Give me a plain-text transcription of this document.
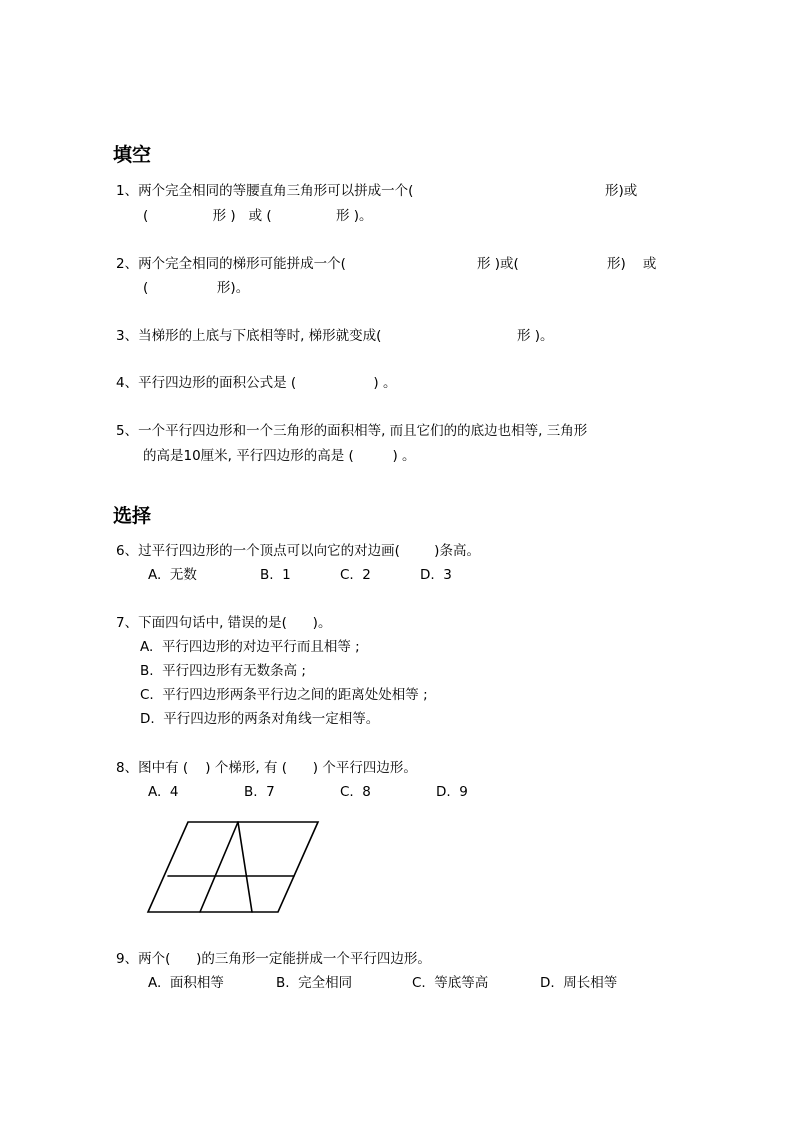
填空
1、两个完全相同的等腰直角三角形可以拼成一个(	形)或
(               形 )   或 (               形 )。
2、两个完全相同的梯形可能拼成一个(	形 )或(	形)    或
(                形)。
3、当梯形的上底与下底相等时, 梯形就变成(	形 )。
4、平行四边形的面积公式是 (                  ) 。
5、一个平行四边形和一个三角形的面积相等, 而且它们的的底边也相等, 三角形
的高是10厘米, 平行四边形的高是 (         ) 。
选择
6、过平行四边形的一个顶点可以向它的对边画(        )条高。
A.  无数	B.  1	C.  2	D.  3
7、下面四句话中, 错误的是(      )。
A.  平行四边形的对边平行而且相等 ;
B.  平行四边形有无数条高 ;
C.  平行四边形两条平行边之间的距离处处相等 ;
D.  平行四边形的两条对角线一定相等。
8、图中有 (    ) 个梯形, 有 (      ) 个平行四边形。
A.  4	B.  7	C.  8	D.  9
9、两个(      )的三角形一定能拼成一个平行四边形。
A.  面积相等	B.  完全相同	C.  等底等高	D.  周长相等
